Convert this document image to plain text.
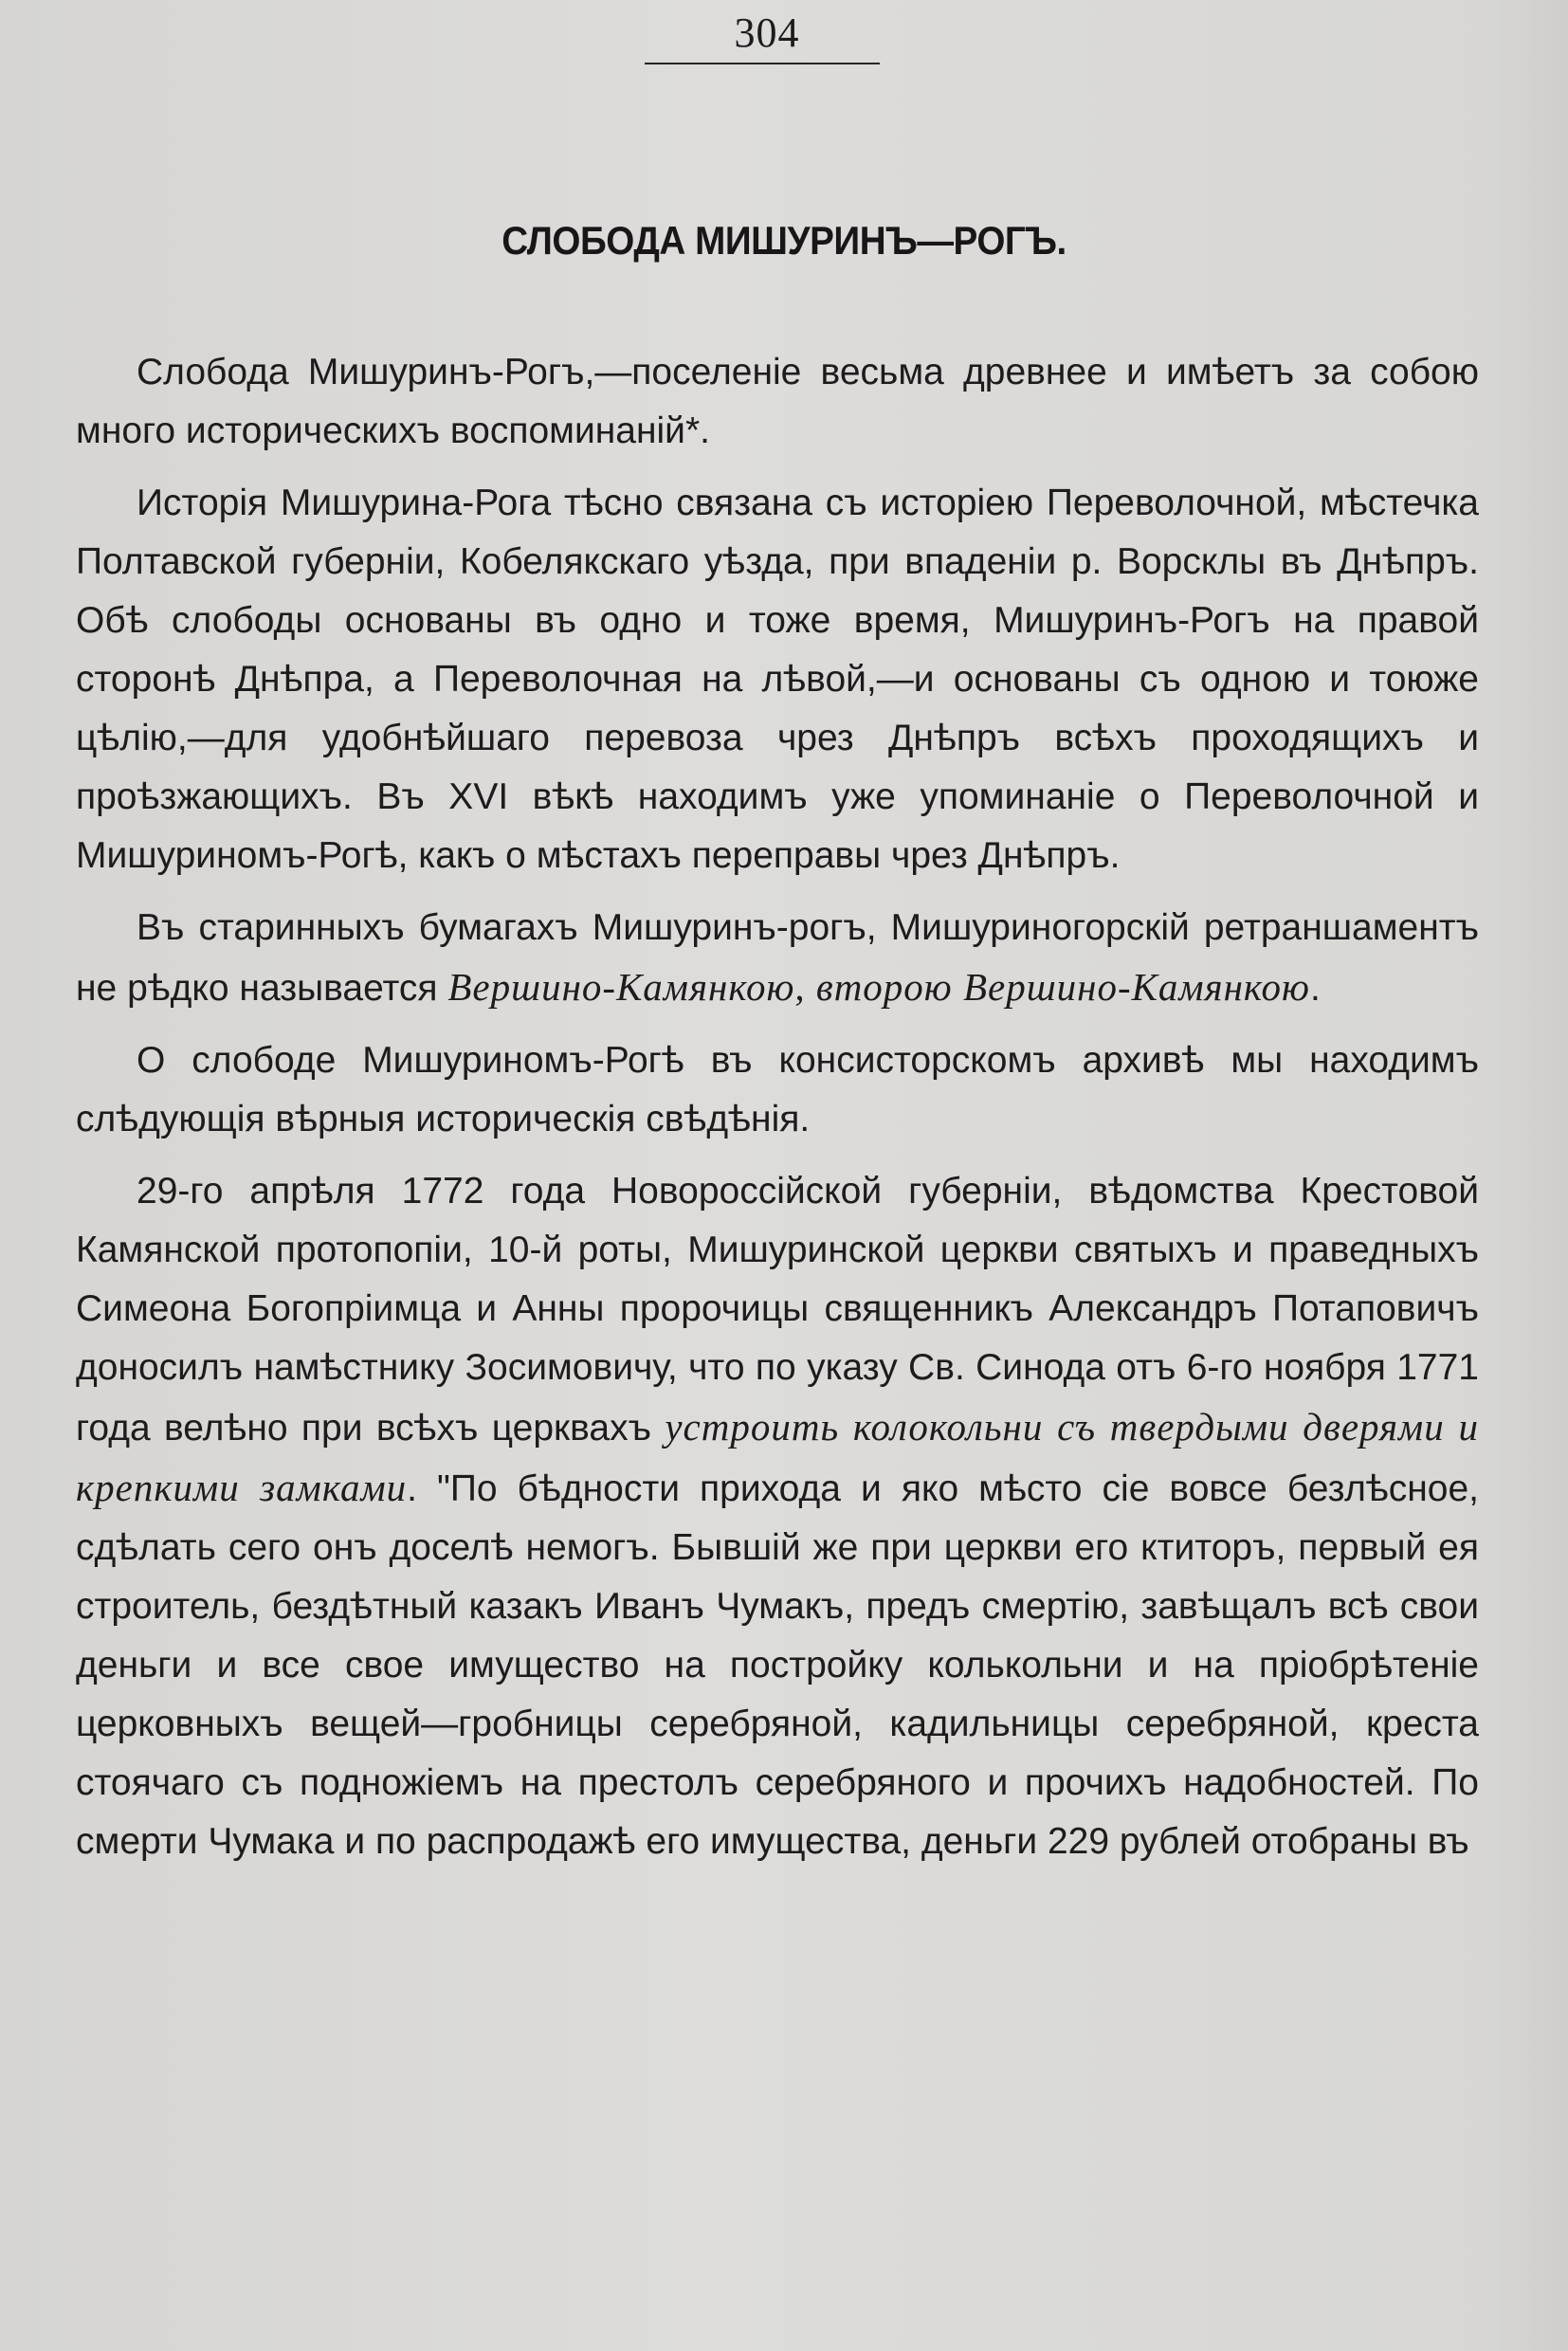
304
СЛОБОДА МИШУРИНЪ—РОГЪ.

Слобода Мишуринъ-Рогъ,—поселеніе весьма древнее и имѣетъ за собою много историческихъ воспоминаній*.

Исторія Мишурина-Рога тѣсно связана съ исторіею Переволочной, мѣстечка Полтавской губерніи, Кобелякскаго уѣзда, при впаденіи р. Ворсклы въ Днѣпръ. Обѣ слободы основаны въ одно и тоже время, Мишуринъ-Рогъ на правой сторонѣ Днѣпра, а Переволочная на лѣвой,—и основаны съ одною и тоюже цѣлію,—для удобнѣйшаго перевоза чрез Днѣпръ всѣхъ проходящихъ и проѣзжающихъ. Въ XVI вѣкѣ находимъ уже упоминаніе о Переволочной и Мишуриномъ-Рогѣ, какъ о мѣстахъ переправы чрез Днѣпръ.

Въ старинныхъ бумагахъ Мишуринъ-рогъ, Мишуриногорскій ретраншаментъ не рѣдко называется Вершино-Камянкою, второю Вершино-Камянкою.

О слободе Мишуриномъ-Рогѣ въ консисторскомъ архивѣ мы находимъ слѣдующія вѣрныя историческія свѣдѣнія.

29-го апрѣля 1772 года Новороссійской губерніи, вѣдомства Крестовой Камянской протопопіи, 10-й роты, Мишуринской церкви святыхъ и праведныхъ Симеона Богопріимца и Анны пророчицы священникъ Александръ Потаповичъ доносилъ намѣстнику Зосимовичу, что по указу Св. Синода отъ 6-го ноября 1771 года велѣно при всѣхъ церквахъ устроить колокольни съ твердыми дверями и крепкими замками. "По бѣдности прихода и яко мѣсто сіе вовсе безлѣсное, сдѣлать сего онъ доселѣ немогъ. Бывшій же при церкви его ктиторъ, первый ея строитель, бездѣтный казакъ Иванъ Чумакъ, предъ смертію, завѣщалъ всѣ свои деньги и все свое имущество на постройку колькольни и на пріобрѣтеніе церковныхъ вещей—гробницы серебряной, кадильницы серебряной, креста стоячаго съ подножіемъ на престолъ серебряного и прочихъ надобностей. По смерти Чумака и по распродажѣ его имущества, деньги 229 рублей отобраны въ
